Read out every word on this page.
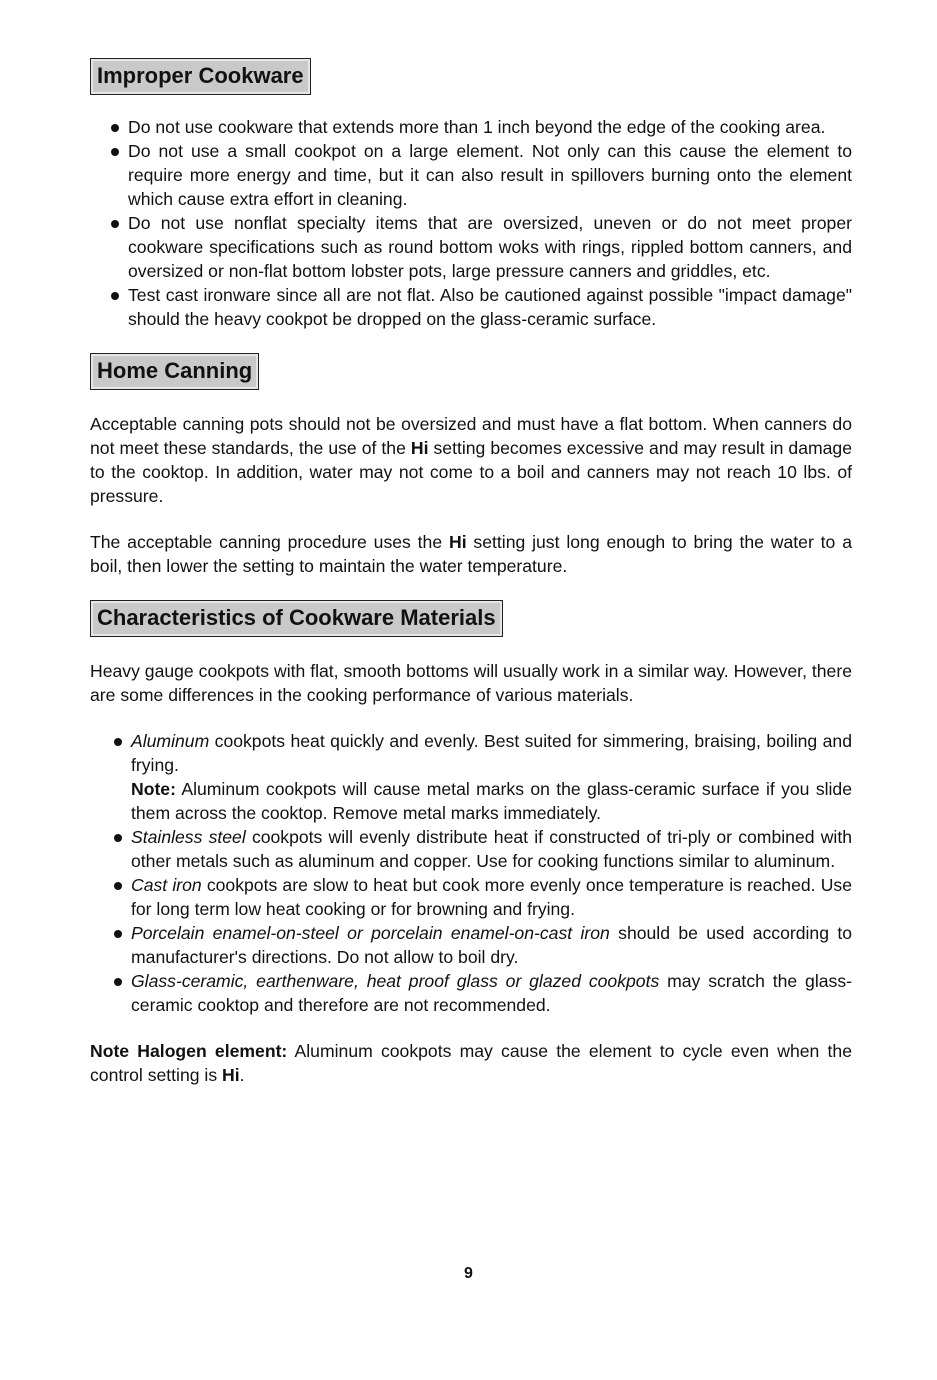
Improper Cookware
Do not use cookware that extends more than 1 inch beyond the edge of the cooking area.
Do not use a small cookpot on a large element. Not only can this cause the element to require more energy and time, but it can also result in spillovers burning onto the element which cause extra effort in cleaning.
Do not use nonflat specialty items that are oversized, uneven or do not meet proper cookware specifications such as round bottom woks with rings, rippled bottom canners, and oversized or non-flat bottom lobster pots, large pressure canners and griddles, etc.
Test cast ironware since all are not flat. Also be cautioned against possible "impact damage" should the heavy cookpot be dropped on the glass-ceramic surface.
Home Canning

Acceptable canning pots should not be oversized and must have a flat bottom. When canners do not meet these standards, the use of the Hi setting becomes excessive and may result in damage to the cooktop. In addition, water may not come to a boil and canners may not reach 10 lbs. of pressure.

The acceptable canning procedure uses the Hi setting just long enough to bring the water to a boil, then lower the setting to maintain the water temperature.

Characteristics of Cookware Materials

Heavy gauge cookpots with flat, smooth bottoms will usually work in a similar way. However, there are some differences in the cooking performance of various materials.

Aluminum cookpots heat quickly and evenly. Best suited for simmering, braising, boiling and frying.
Note: Aluminum cookpots will cause metal marks on the glass-ceramic surface if you slide them across the cooktop. Remove metal marks immediately.
Stainless steel cookpots will evenly distribute heat if constructed of tri-ply or combined with other metals such as aluminum and copper. Use for cooking functions similar to aluminum.
Cast iron cookpots are slow to heat but cook more evenly once temperature is reached. Use for long term low heat cooking or for browning and frying.
Porcelain enamel-on-steel or porcelain enamel-on-cast iron should be used according to manufacturer's directions. Do not allow to boil dry.
Glass-ceramic, earthenware, heat proof glass or glazed cookpots may scratch the glass-ceramic cooktop and therefore are not recommended.

Note Halogen element: Aluminum cookpots may cause the element to cycle even when the control setting is Hi.

9
